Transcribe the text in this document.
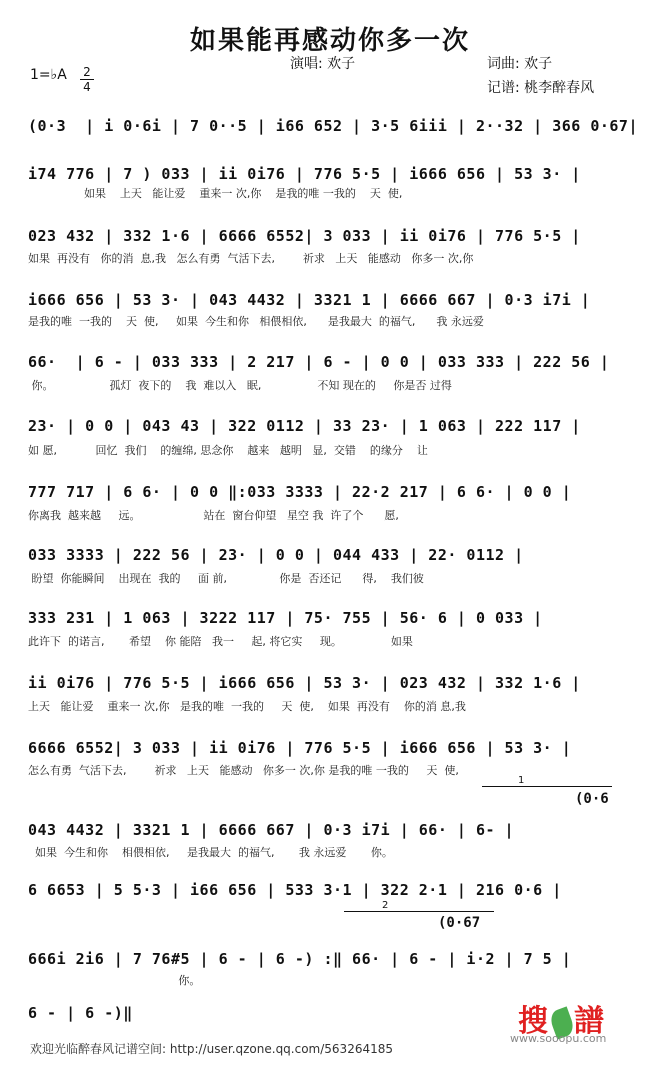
如果能再感动你多一次
演唱: 欢子	词曲: 欢子
记谱: 桃李醉春风
1=♭A 2
4
(0·3  | i 0·6i | 7 0··5 | i66 652 | 3·5 6iii | 2··32 | 366 0·67|
i74 776 | 7 ) 033 | ii 0i76 | 776 5·5 | i666 656 | 53 3· |
如果    上天   能让爱    重来一 次,你    是我的唯 一我的    天  使,
023 432 | 332 1·6 | 6666 6552| 3 033 | ii 0i76 | 776 5·5 |
如果  再没有   你的消  息,我   怎么有勇  气活下去,        祈求   上天   能感动   你多一 次,你
i666 656 | 53 3· | 043 4432 | 3321 1 | 6666 667 | 0·3 i7i |
是我的唯  一我的    天  使,     如果  今生和你   相偎相依,      是我最大  的福气,      我 永远爱
66·  | 6 - | 033 333 | 2 217 | 6 - | 0 0 | 033 333 | 222 56 |
你。                孤灯  夜下的    我  难以入   眠,                不知 现在的     你是否 过得
23· | 0 0 | 043 43 | 322 0112 | 33 23· | 1 063 | 222 117 |
如 愿,           回忆  我们    的缠绵, 思念你    越来   越明   显,  交错    的缘分    让
777 717 | 6 6· | 0 0 ‖:033 3333 | 22·2 217 | 6 6· | 0 0 |
你离我  越来越     远。                  站在  窗台仰望   星空 我  许了个      愿,
033 3333 | 222 56 | 23· | 0 0 | 044 433 | 22· 0112 |
盼望  你能瞬间    出现在  我的     面 前,               你是  否还记      得,    我们彼
333 231 | 1 063 | 3222 117 | 75· 755 | 56· 6 | 0 033 |
此许下  的诺言,       希望    你 能陪   我一     起, 将它实     现。              如果
ii 0i76 | 776 5·5 | i666 656 | 53 3· | 023 432 | 332 1·6 |
上天   能让爱    重来一 次,你   是我的唯  一我的     天  使,    如果  再没有    你的消 息,我
6666 6552| 3 033 | ii 0i76 | 776 5·5 | i666 656 | 53 3· |
怎么有勇  气活下去,        祈求   上天   能感动   你多一 次,你 是我的唯 一我的     天  使,
1
(0·6
043 4432 | 3321 1 | 6666 667 | 0·3 i7i | 66· | 6- |
如果  今生和你    相偎相依,     是我最大  的福气,       我 永远爱       你。
6 6653 | 5 5·3 | i66 656 | 533 3·1 | 322 2·1 | 216 0·6 |
2
(0·67
666i 2i6 | 7 76#5 | 6 - | 6 -) :‖ 66· | 6 - | i·2 | 7 5 |
你。
6 - | 6 -)‖	搜 譜
www.sooopu.com
欢迎光临醉春风记谱空间: http://user.qzone.qq.com/563264185
